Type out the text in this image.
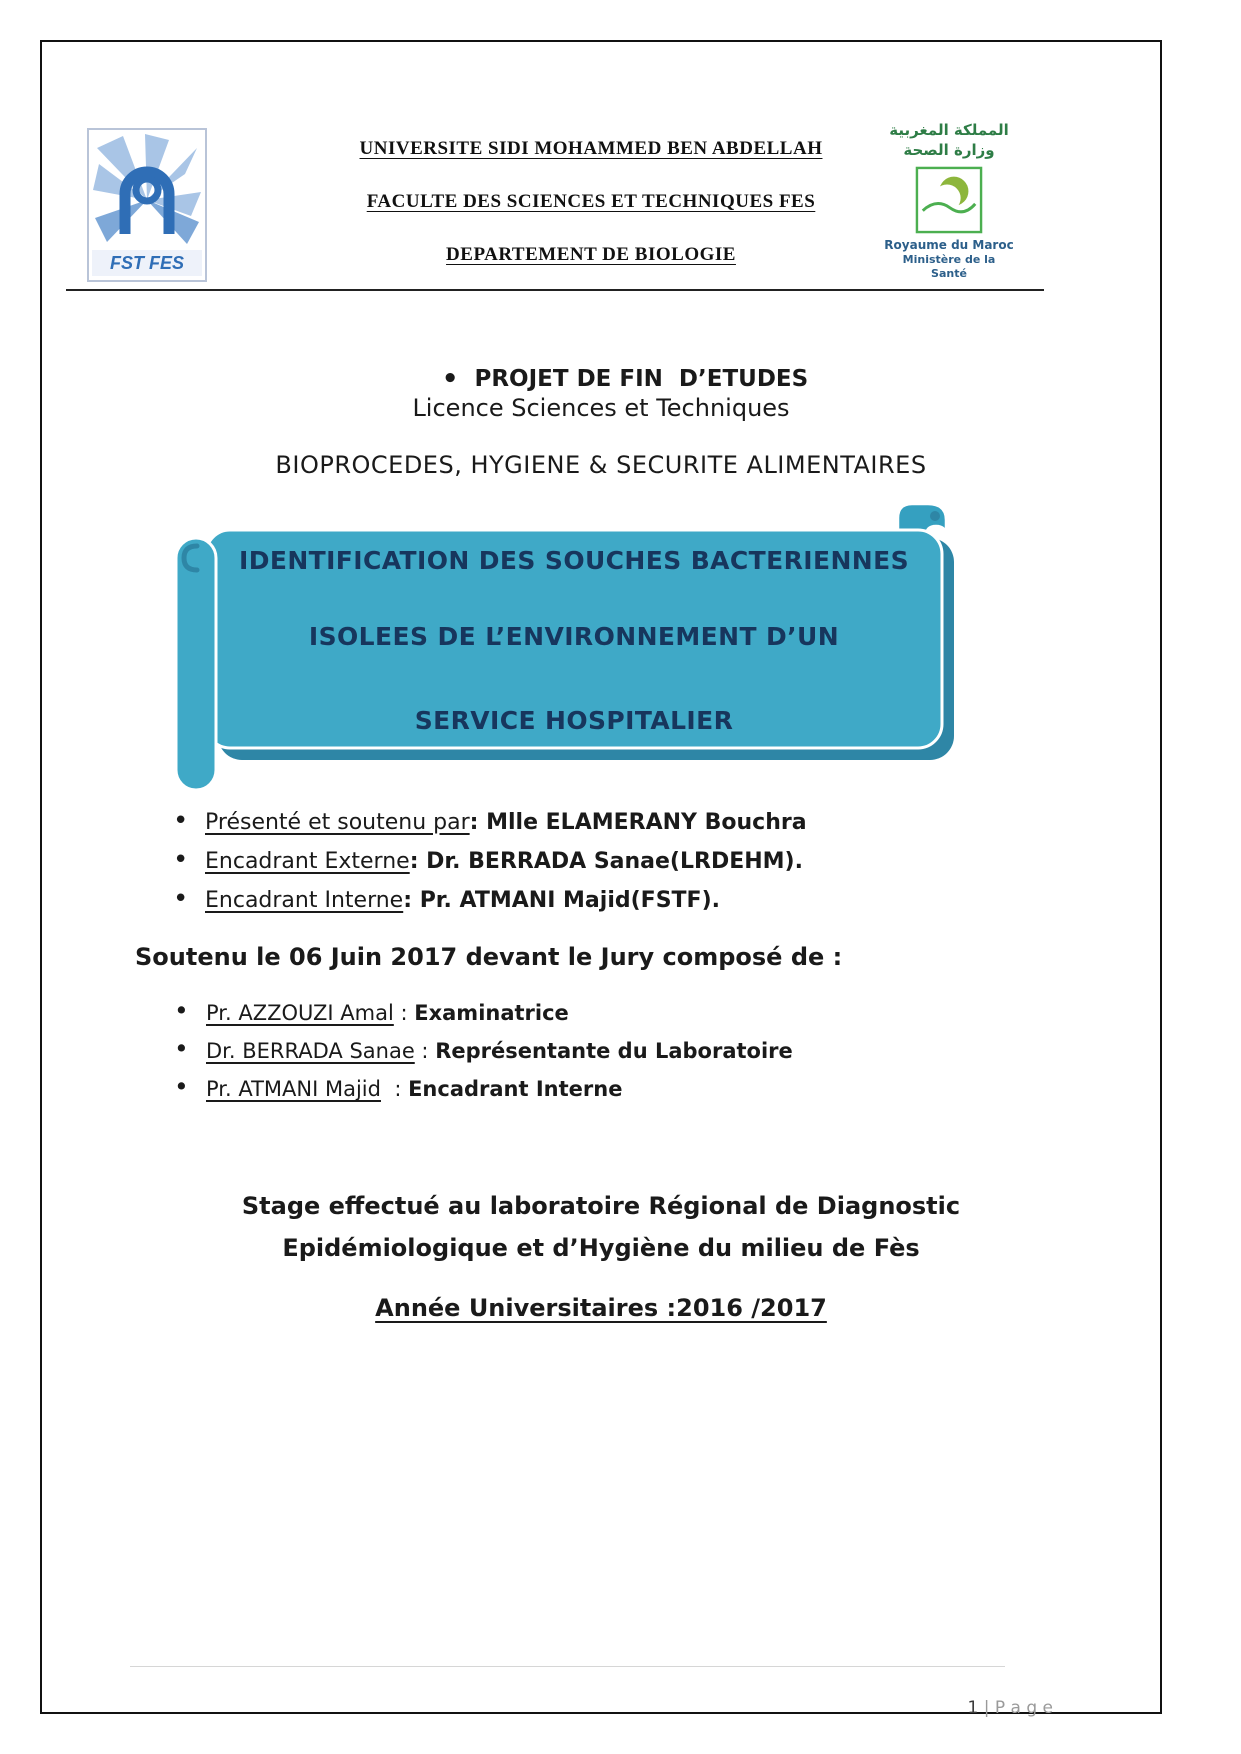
FST FES
UNIVERSITE SIDI MOHAMMED BEN ABDELLAH
FACULTE DES SCIENCES ET TECHNIQUES FES
DEPARTEMENT DE BIOLOGIE
المملكة المغربية
وزارة الصحة
Royaume du Maroc
Ministère de la Santé

• PROJET DE FIN  D’ETUDES

Licence Sciences et Techniques
BIOPROCEDES, HYGIENE & SECURITE ALIMENTAIRES
IDENTIFICATION DES SOUCHES BACTERIENNES
ISOLEES DE L’ENVIRONNEMENT D’UN
SERVICE HOSPITALIER
• Présenté et soutenu par: Mlle ELAMERANY Bouchra
• Encadrant Externe: Dr. BERRADA Sanae(LRDEHM).
• Encadrant Interne: Pr. ATMANI Majid(FSTF).
Soutenu le 06 Juin 2017 devant le Jury composé de :
• Pr. AZZOUZI Amal : Examinatrice
• Dr. BERRADA Sanae : Représentante du Laboratoire
• Pr. ATMANI Majid  : Encadrant Interne
Stage effectué au laboratoire Régional de Diagnostic
Epidémiologique et d’Hygiène du milieu de Fès
Année Universitaires :2016 /2017

1 | P a g e
